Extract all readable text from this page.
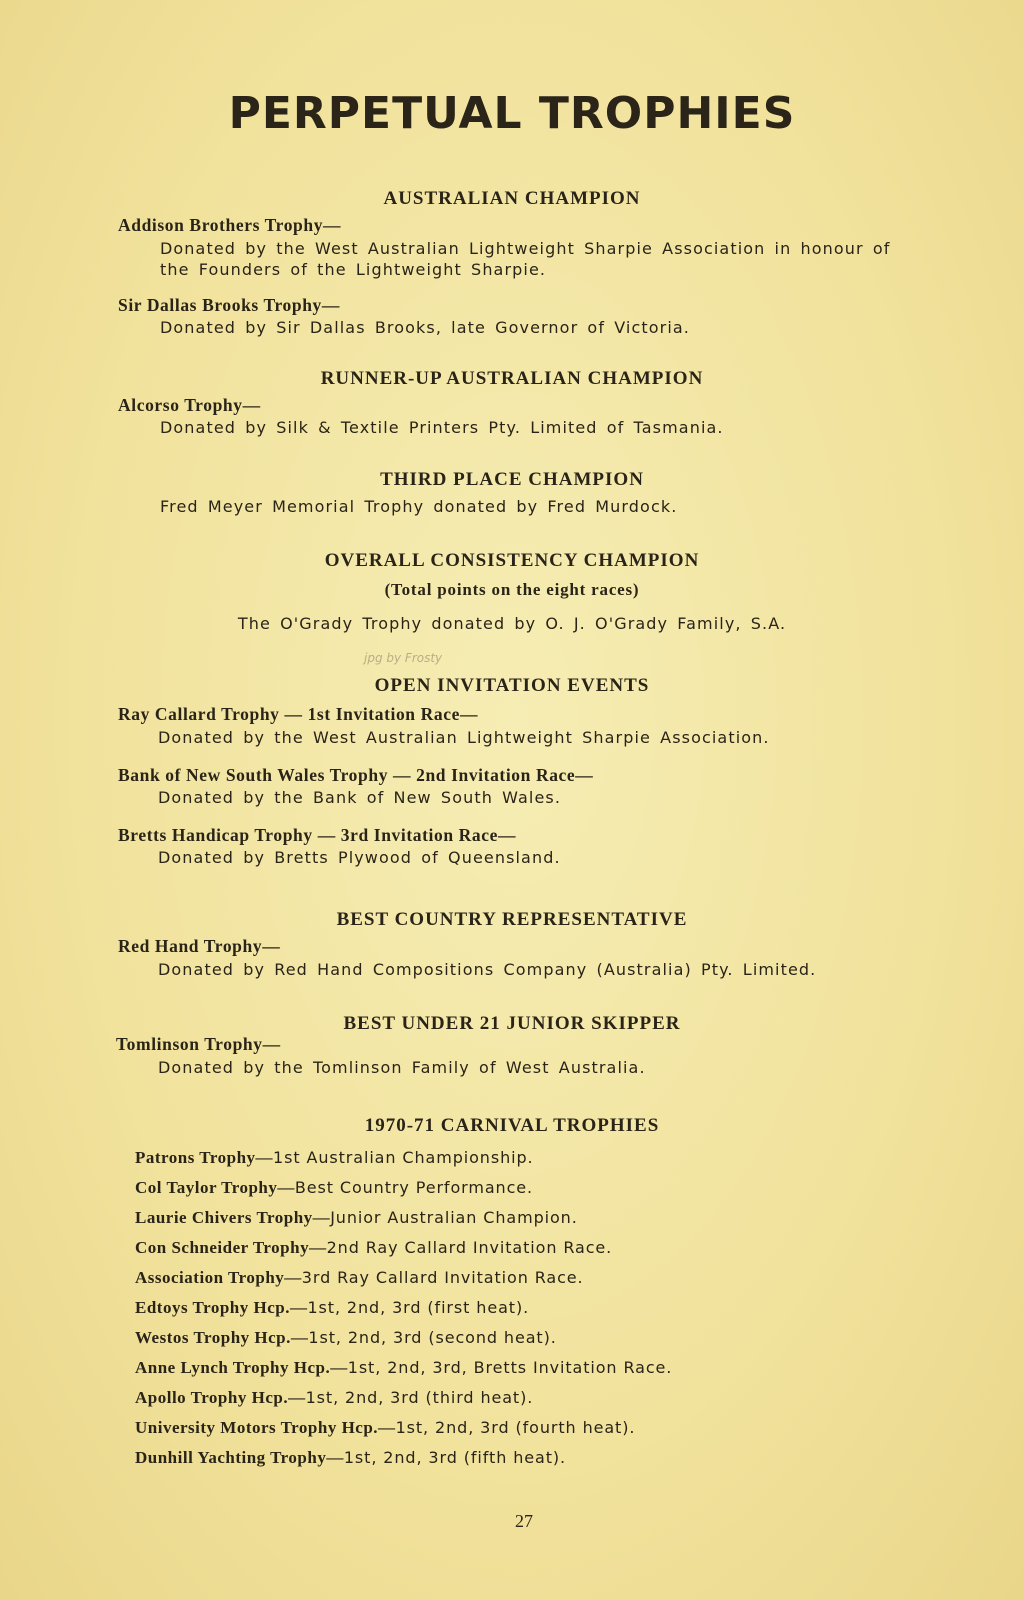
PERPETUAL TROPHIES

AUSTRALIAN CHAMPION

Addison Brothers Trophy—

Donated by the West Australian Lightweight Sharpie Association in honour of

the Founders of the Lightweight Sharpie.

Sir Dallas Brooks Trophy—

Donated by Sir Dallas Brooks, late Governor of Victoria.

RUNNER-UP AUSTRALIAN CHAMPION

Alcorso Trophy—

Donated by Silk & Textile Printers Pty. Limited of Tasmania.

THIRD PLACE CHAMPION

Fred Meyer Memorial Trophy donated by Fred Murdock.

OVERALL CONSISTENCY CHAMPION

(Total points on the eight races)

The O'Grady Trophy donated by O. J. O'Grady Family, S.A.

jpg by Frosty

OPEN INVITATION EVENTS

Ray Callard Trophy — 1st Invitation Race—

Donated by the West Australian Lightweight Sharpie Association.

Bank of New South Wales Trophy — 2nd Invitation Race—

Donated by the Bank of New South Wales.

Bretts Handicap Trophy — 3rd Invitation Race—

Donated by Bretts Plywood of Queensland.

BEST COUNTRY REPRESENTATIVE

Red Hand Trophy—

Donated by Red Hand Compositions Company (Australia) Pty. Limited.

BEST UNDER 21 JUNIOR SKIPPER

Tomlinson Trophy—

Donated by the Tomlinson Family of West Australia.

1970-71 CARNIVAL TROPHIES

Patrons Trophy—1st Australian Championship.

Col Taylor Trophy—Best Country Performance.

Laurie Chivers Trophy—Junior Australian Champion.

Con Schneider Trophy—2nd Ray Callard Invitation Race.

Association Trophy—3rd Ray Callard Invitation Race.

Edtoys Trophy Hcp.—1st, 2nd, 3rd (first heat).

Westos Trophy Hcp.—1st, 2nd, 3rd (second heat).

Anne Lynch Trophy Hcp.—1st, 2nd, 3rd, Bretts Invitation Race.

Apollo Trophy Hcp.—1st, 2nd, 3rd (third heat).

University Motors Trophy Hcp.—1st, 2nd, 3rd (fourth heat).

Dunhill Yachting Trophy—1st, 2nd, 3rd (fifth heat).

27
